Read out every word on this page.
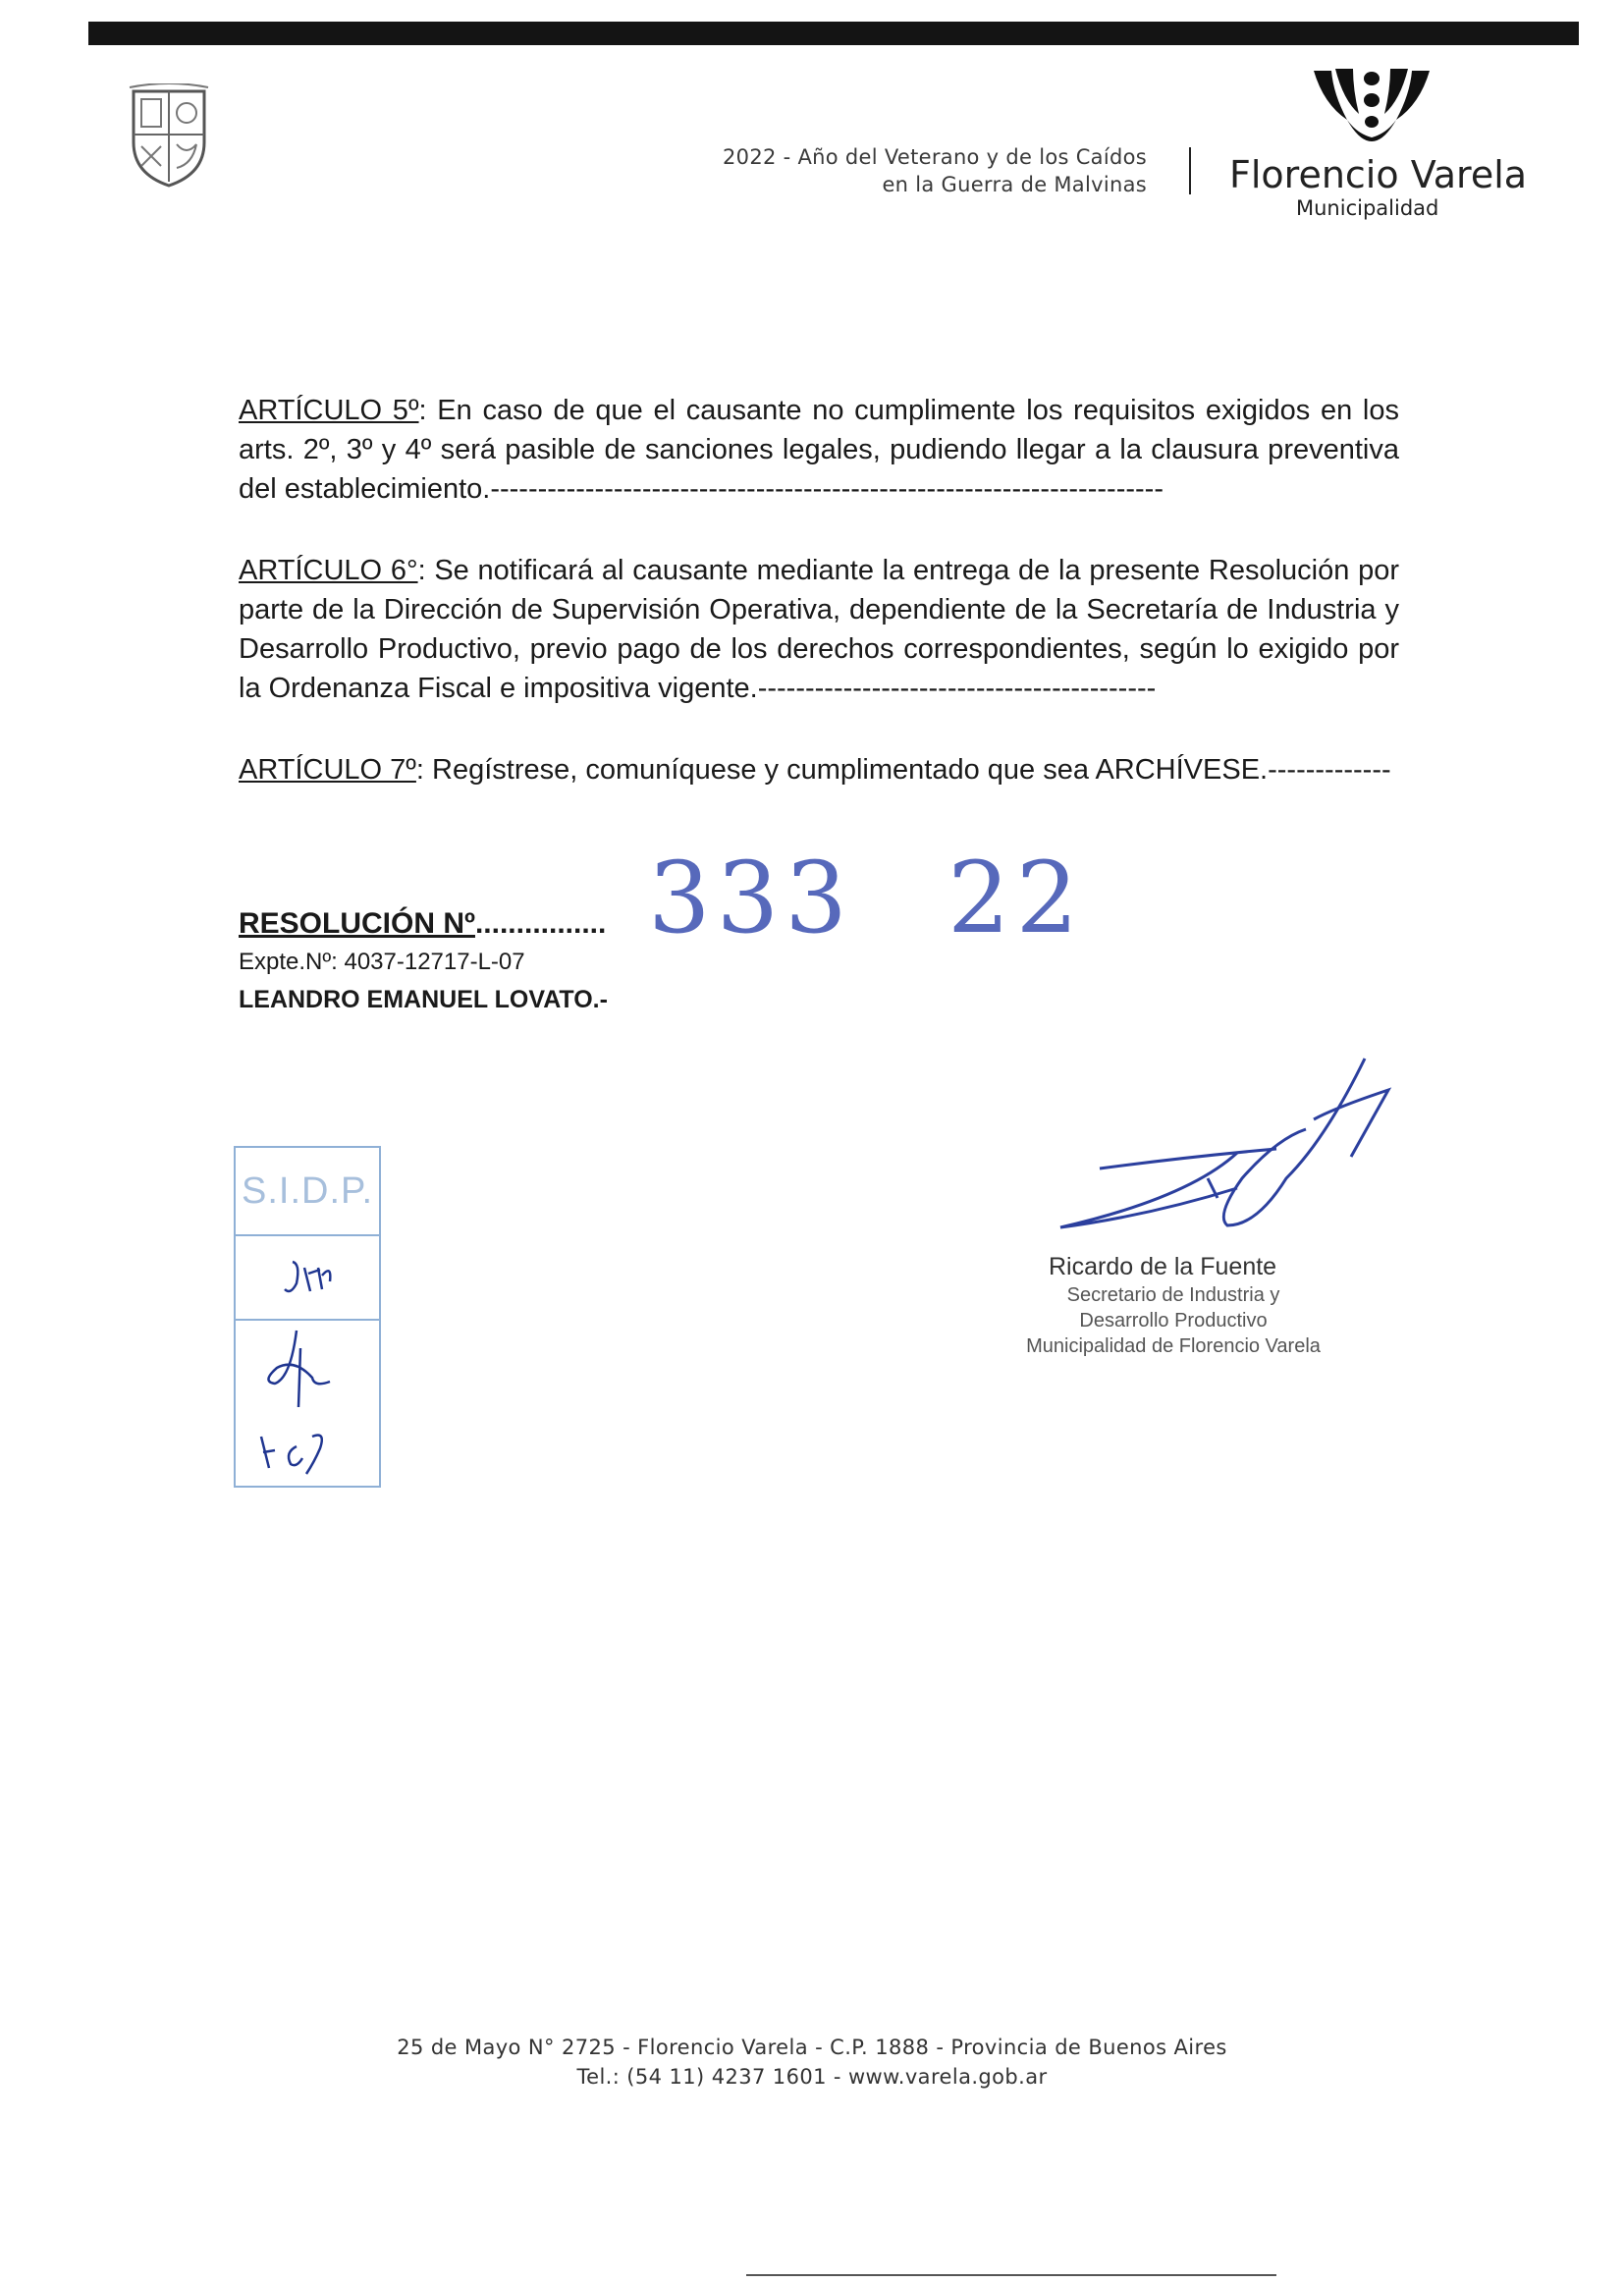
2022 - Año del Veterano y de los Caídos
en la Guerra de Malvinas Florencio Varela
Municipalidad
ARTÍCULO 5º: En caso de que el causante no cumplimente los requisitos exigidos en los arts. 2º, 3º y 4º será pasible de sanciones legales, pudiendo llegar a la clausura preventiva del establecimiento.-----------------------------------------------------------------------
ARTÍCULO 6°: Se notificará al causante mediante la entrega de la presente Resolución por parte de la Dirección de Supervisión Operativa, dependiente de la Secretaría de Industria y Desarrollo Productivo, previo pago de los derechos correspondientes, según lo exigido por la Ordenanza Fiscal e impositiva vigente.------------------------------------------
ARTÍCULO 7º: Regístrese, comuníquese y cumplimentado que sea ARCHÍVESE.-------------
RESOLUCIÓN Nº................
Expte.Nº: 4037-12717-L-07
LEANDRO EMANUEL LOVATO.-
333 22
Ricardo de la Fuente
Secretario de Industria y
Desarrollo Productivo
Municipalidad de Florencio Varela
S.I.D.P.
25 de Mayo N° 2725 - Florencio Varela - C.P. 1888 - Provincia de Buenos Aires
Tel.: (54 11) 4237 1601 - www.varela.gob.ar
